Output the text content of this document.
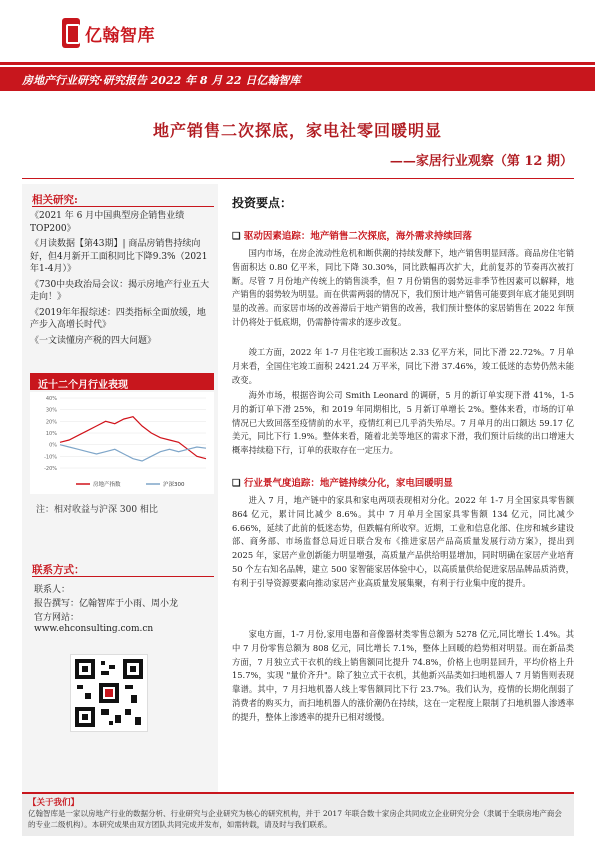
亿翰智库
房地产行业研究·研究报告 2022 年 8 月 22 日亿翰智库
地产销售二次探底，家电社零回暖明显
——家居行业观察（第 12 期）
相关研究:
《2021 年 6 月中国典型房企销售业绩 TOP200》
《月读数据【第43期】| 商品房销售持续向好，但4月新开工面积同比下降9.3%（2021年1-4月）》
《730中央政治局会议：揭示房地产行业五大走向！》
《2019年年报综述：四类指标全面放缓，地产步入高增长时代》
《一文读懂房产税的四大问题》
近十二个月行业表现
40%
30%
20%
10%
0%
-10%
-20%
房地产指数	沪深300
注：相对收益与沪深 300 相比
联系方式：
联系人：
报告撰写：亿翰智库于小雨、周小龙
官方网站：
www.ehconsulting.com.cn
投资要点：
❑ 驱动因素追踪：地产销售二次探底，海外需求持续回落
国内市场，在房企流动性危机和断供潮的持续发酵下，地产销售明显回落。商品房住宅销售面积达 0.80 亿平米，同比下降 30.30%，同比跌幅再次扩大，此前复苏的节奏再次被打断。尽管 7 月份地产传统上的销售淡季，但 7 月份销售的弱势远非季节性因素可以解释，地产销售的弱势较为明显。而在供需两弱的情况下，我们预计地产销售可能要到年底才能见到明显的改善。而家居市场的改善滞后于地产销售的改善，我们预计整体的家居销售在 2022 年预计仍将处于低底期，仍需静待需求的逐步改复。
竣工方面，2022 年 1-7 月住宅竣工面积达 2.33 亿平方米，同比下滑 22.72%。7 月单月来看，全国住宅竣工面积 2421.24 万平米，同比下滑 37.46%，竣工低迷的态势仍然未能改变。
海外市场，根据咨询公司 Smith Leonard 的调研，5 月的新订单实现下滑 41%，1-5 月的新订单下滑 25%，和 2019 年同期相比，5 月新订单增长 2%。整体来看，市场的订单情况已大致回落至疫情前的水平，疫情红利已几乎消失殆尽。7 月单月的出口额达 59.17 亿美元，同比下行 1.9%。整体来看，随着北美等地区的需求下滑，我们预计后续的出口增速大概率持续稳下行，订单的获取存在一定压力。
❑ 行业景气度追踪：地产链持续分化，家电回暖明显
进入 7 月，地产链中的家具和家电两项表现相对分化。2022 年 1-7 月全国家具零售额 864 亿元，累计同比减少 8.6%。其中 7 月单月全国家具零售额 134 亿元，同比减少 6.66%，延续了此前的低迷态势，但跌幅有所收窄。近期，工业和信息化部、住房和城乡建设部、商务部、市场监督总局近日联合发布《推进家居产品高质量发展行动方案》，提出到 2025 年，家居产业创新能力明显增强，高质量产品供给明显增加，同时明确在家居产业培育 50 个左右知名品牌，建立 500 家智能家居体验中心，以高质量供给促进家居品牌品质消费，有利于引导资源要素向推动家居产业高质量发展集聚，有利于行业集中度的提升。
家电方面，1-7 月份,家用电器和音像器材类零售总额为 5278 亿元,同比增长 1.4%。其中 7 月份零售总额为 808 亿元，同比增长 7.1%，整体上回暖的趋势相对明显。而在新品类方面，7 月独立式干衣机的线上销售额同比提升 74.8%，价格上也明显回升，平均价格上升 15.7%，实现 "量价齐升"。除了独立式干衣机，其他新兴品类如扫地机器人 7 月销售则表现靠谱。其中，7 月扫地机器人线上零售额同比下行 23.7%。我们认为，疫情的长期化削弱了消费者的购买力，而扫地机器人的涨价潮仍在持续，这在一定程度上限制了扫地机器人渗透率的提升，整体上渗透率的提升已相对缓慢。
【关于我们】
亿翰智库是一家以房地产行业的数据分析、行业研究与企业研究为核心的研究机构，并于 2017 年联合数十家房企共同成立企业研究分会（隶属于全联房地产商会的专业二级机构）。本研究成果由双方团队共同完成并发布，如需转载，请及时与我们联系。
